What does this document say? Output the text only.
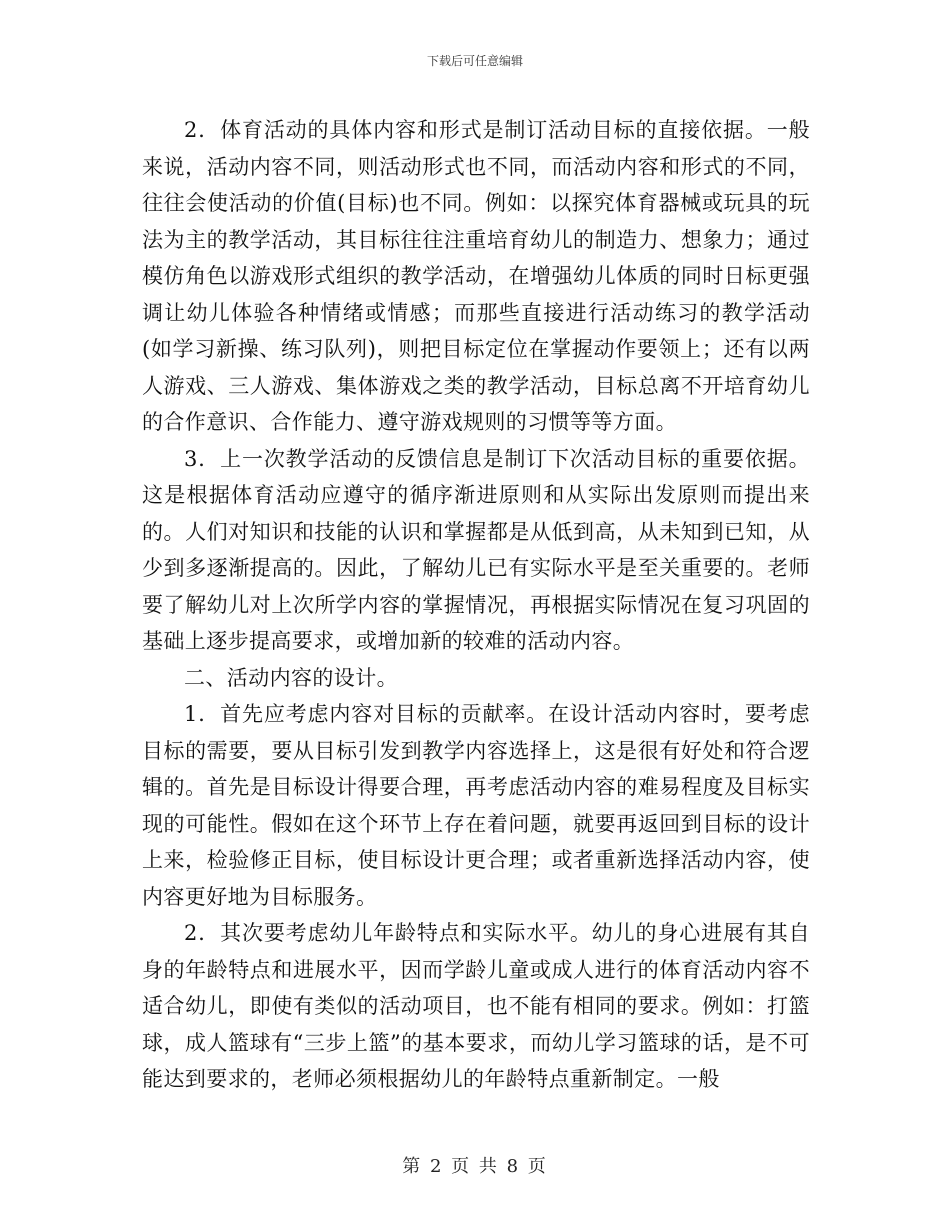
下载后可任意编辑

2．体育活动的具体内容和形式是制订活动目标的直接依据。一般来说，活动内容不同，则活动形式也不同，而活动内容和形式的不同，往往会使活动的价值(目标)也不同。例如：以探究体育器械或玩具的玩法为主的教学活动，其目标往往注重培育幼儿的制造力、想象力；通过模仿角色以游戏形式组织的教学活动，在增强幼儿体质的同时日标更强调让幼儿体验各种情绪或情感；而那些直接进行活动练习的教学活动(如学习新操、练习队列)，则把目标定位在掌握动作要领上；还有以两人游戏、三人游戏、集体游戏之类的教学活动，目标总离不开培育幼儿的合作意识、合作能力、遵守游戏规则的习惯等等方面。

3．上一次教学活动的反馈信息是制订下次活动目标的重要依据。这是根据体育活动应遵守的循序渐进原则和从实际出发原则而提出来的。人们对知识和技能的认识和掌握都是从低到高，从未知到已知，从少到多逐渐提高的。因此，了解幼儿已有实际水平是至关重要的。老师要了解幼儿对上次所学内容的掌握情况，再根据实际情况在复习巩固的基础上逐步提高要求，或增加新的较难的活动内容。

二、活动内容的设计。

1．首先应考虑内容对目标的贡献率。在设计活动内容时，要考虑目标的需要，要从目标引发到教学内容选择上，这是很有好处和符合逻辑的。首先是目标设计得要合理，再考虑活动内容的难易程度及目标实现的可能性。假如在这个环节上存在着问题，就要再返回到目标的设计上来，检验修正目标，使目标设计更合理；或者重新选择活动内容，使内容更好地为目标服务。

2．其次要考虑幼儿年龄特点和实际水平。幼儿的身心进展有其自身的年龄特点和进展水平，因而学龄儿童或成人进行的体育活动内容不适合幼儿，即使有类似的活动项目，也不能有相同的要求。例如：打篮球，成人篮球有“三步上篮”的基本要求，而幼儿学习篮球的话，是不可能达到要求的，老师必须根据幼儿的年龄特点重新制定。一般

第 2 页 共 8 页
